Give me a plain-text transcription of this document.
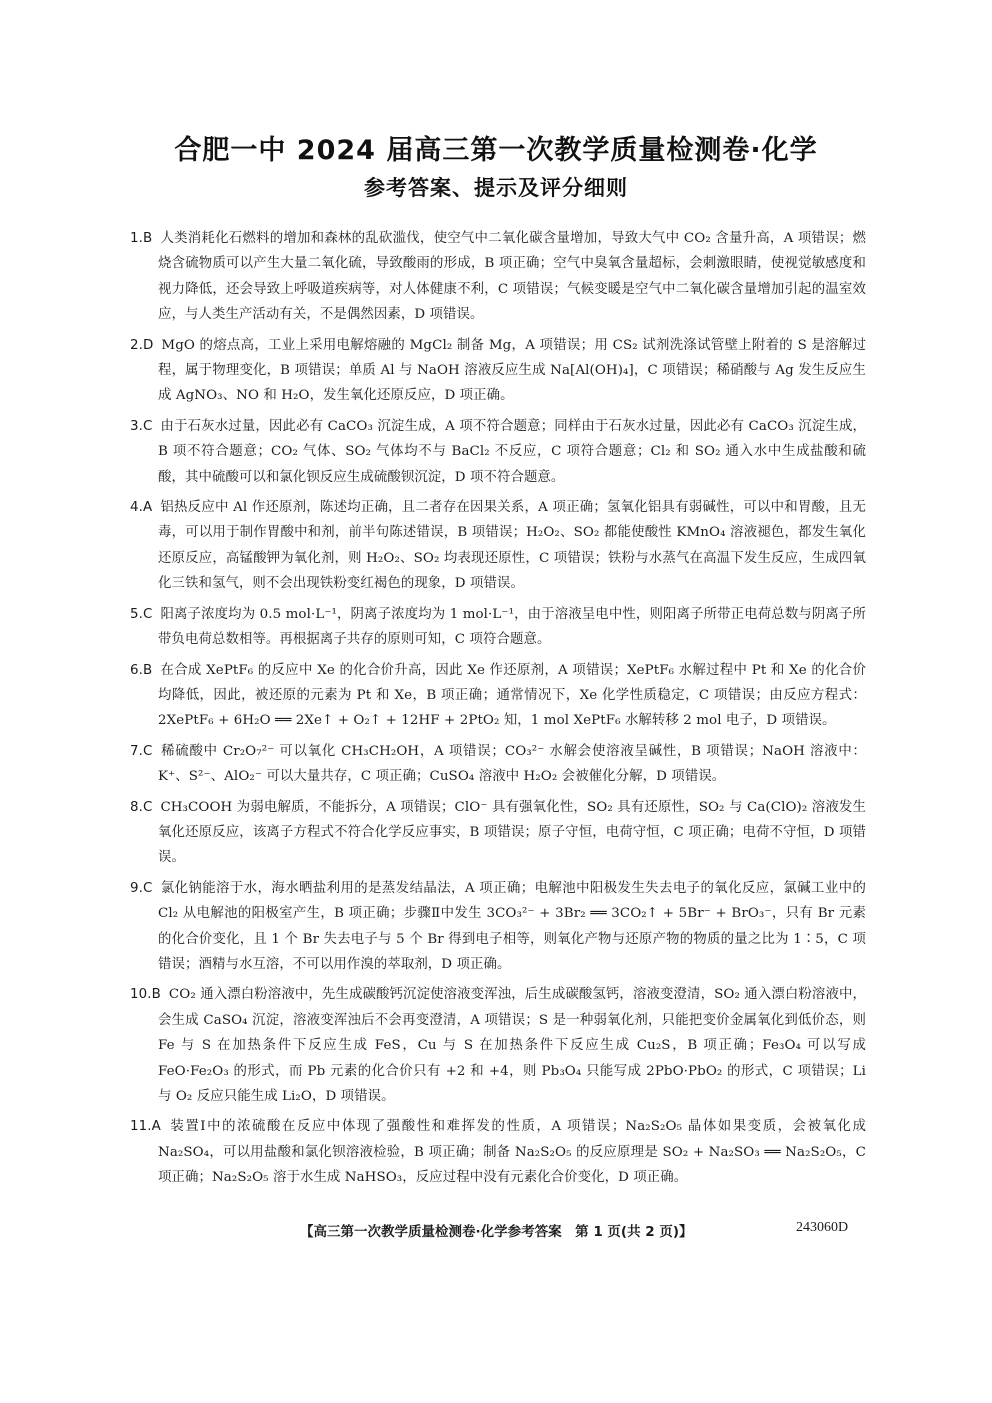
合肥一中 2024 届高三第一次教学质量检测卷·化学
参考答案、提示及评分细则

1.B 人类消耗化石燃料的增加和森林的乱砍滥伐，使空气中二氧化碳含量增加，导致大气中 CO₂ 含量升高，A 项错误；燃烧含硫物质可以产生大量二氧化硫，导致酸雨的形成，B 项正确；空气中臭氧含量超标，会刺激眼睛，使视觉敏感度和视力降低，还会导致上呼吸道疾病等，对人体健康不利，C 项错误；气候变暖是空气中二氧化碳含量增加引起的温室效应，与人类生产活动有关，不是偶然因素，D 项错误。

2.D MgO 的熔点高，工业上采用电解熔融的 MgCl₂ 制备 Mg，A 项错误；用 CS₂ 试剂洗涤试管壁上附着的 S 是溶解过程，属于物理变化，B 项错误；单质 Al 与 NaOH 溶液反应生成 Na[Al(OH)₄]，C 项错误；稀硝酸与 Ag 发生反应生成 AgNO₃、NO 和 H₂O，发生氧化还原反应，D 项正确。

3.C 由于石灰水过量，因此必有 CaCO₃ 沉淀生成，A 项不符合题意；同样由于石灰水过量，因此必有 CaCO₃ 沉淀生成，B 项不符合题意；CO₂ 气体、SO₂ 气体均不与 BaCl₂ 不反应，C 项符合题意；Cl₂ 和 SO₂ 通入水中生成盐酸和硫酸，其中硫酸可以和氯化钡反应生成硫酸钡沉淀，D 项不符合题意。

4.A 铝热反应中 Al 作还原剂，陈述均正确，且二者存在因果关系，A 项正确；氢氧化铝具有弱碱性，可以中和胃酸，且无毒，可以用于制作胃酸中和剂，前半句陈述错误，B 项错误；H₂O₂、SO₂ 都能使酸性 KMnO₄ 溶液褪色，都发生氧化还原反应，高锰酸钾为氧化剂，则 H₂O₂、SO₂ 均表现还原性，C 项错误；铁粉与水蒸气在高温下发生反应，生成四氧化三铁和氢气，则不会出现铁粉变红褐色的现象，D 项错误。

5.C 阳离子浓度均为 0.5 mol·L⁻¹，阴离子浓度均为 1 mol·L⁻¹，由于溶液呈电中性，则阳离子所带正电荷总数与阴离子所带负电荷总数相等。再根据离子共存的原则可知，C 项符合题意。

6.B 在合成 XePtF₆ 的反应中 Xe 的化合价升高，因此 Xe 作还原剂，A 项错误；XePtF₆ 水解过程中 Pt 和 Xe 的化合价均降低，因此，被还原的元素为 Pt 和 Xe，B 项正确；通常情况下，Xe 化学性质稳定，C 项错误；由反应方程式：2XePtF₆ + 6H₂O ══ 2Xe↑ + O₂↑ + 12HF + 2PtO₂ 知，1 mol XePtF₆ 水解转移 2 mol 电子，D 项错误。

7.C 稀硫酸中 Cr₂O₇²⁻ 可以氧化 CH₃CH₂OH，A 项错误；CO₃²⁻ 水解会使溶液呈碱性，B 项错误；NaOH 溶液中：K⁺、S²⁻、AlO₂⁻ 可以大量共存，C 项正确；CuSO₄ 溶液中 H₂O₂ 会被催化分解，D 项错误。

8.C CH₃COOH 为弱电解质，不能拆分，A 项错误；ClO⁻ 具有强氧化性，SO₂ 具有还原性，SO₂ 与 Ca(ClO)₂ 溶液发生氧化还原反应，该离子方程式不符合化学反应事实，B 项错误；原子守恒，电荷守恒，C 项正确；电荷不守恒，D 项错误。

9.C 氯化钠能溶于水，海水晒盐利用的是蒸发结晶法，A 项正确；电解池中阳极发生失去电子的氧化反应，氯碱工业中的 Cl₂ 从电解池的阳极室产生，B 项正确；步骤Ⅱ中发生 3CO₃²⁻ + 3Br₂ ══ 3CO₂↑ + 5Br⁻ + BrO₃⁻，只有 Br 元素的化合价变化，且 1 个 Br 失去电子与 5 个 Br 得到电子相等，则氧化产物与还原产物的物质的量之比为 1∶5，C 项错误；酒精与水互溶，不可以用作溴的萃取剂，D 项正确。

10.B CO₂ 通入漂白粉溶液中，先生成碳酸钙沉淀使溶液变浑浊，后生成碳酸氢钙，溶液变澄清，SO₂ 通入漂白粉溶液中，会生成 CaSO₄ 沉淀，溶液变浑浊后不会再变澄清，A 项错误；S 是一种弱氧化剂，只能把变价金属氧化到低价态，则 Fe 与 S 在加热条件下反应生成 FeS，Cu 与 S 在加热条件下反应生成 Cu₂S，B 项正确；Fe₃O₄ 可以写成 FeO·Fe₂O₃ 的形式，而 Pb 元素的化合价只有 +2 和 +4，则 Pb₃O₄ 只能写成 2PbO·PbO₂ 的形式，C 项错误；Li 与 O₂ 反应只能生成 Li₂O，D 项错误。

11.A 装置Ⅰ中的浓硫酸在反应中体现了强酸性和难挥发的性质，A 项错误；Na₂S₂O₅ 晶体如果变质，会被氧化成 Na₂SO₄，可以用盐酸和氯化钡溶液检验，B 项正确；制备 Na₂S₂O₅ 的反应原理是 SO₂ + Na₂SO₃ ══ Na₂S₂O₅，C 项正确；Na₂S₂O₅ 溶于水生成 NaHSO₃，反应过程中没有元素化合价变化，D 项正确。

【高三第一次教学质量检测卷·化学参考答案　第 1 页(共 2 页)】	243060D
